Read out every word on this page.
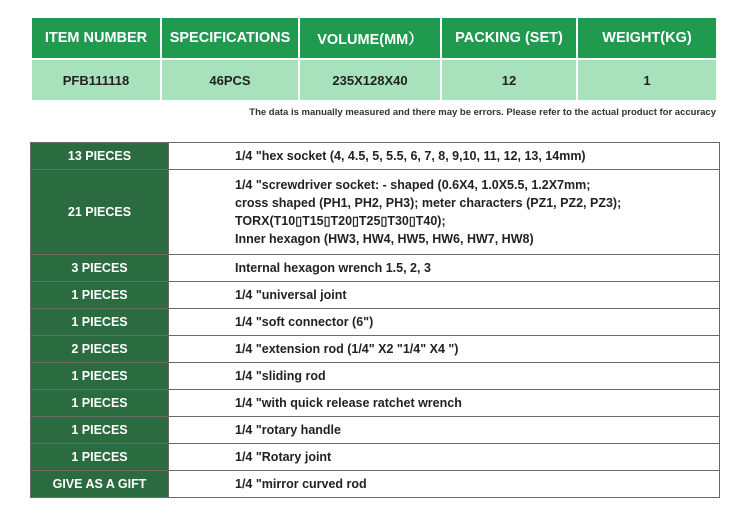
ITEM NUMBER	SPECIFICATIONS	VOLUME(MM）	PACKING (SET)	WEIGHT(KG)
PFB111118	46PCS	235X128X40	12	1
The data is manually measured and there may be errors. Please refer to the actual product for accuracy
13 PIECES	1/4 "hex socket (4, 4.5, 5, 5.5, 6, 7, 8, 9,10, 11, 12, 13, 14mm)

21 PIECES	1/4 "screwdriver socket: - shaped (0.6X4, 1.0X5.5, 1.2X7mm;
cross shaped (PH1, PH2, PH3); meter characters (PZ1, PZ2, PZ3);
TORX(T10▯T15▯T20▯T25▯T30▯T40);
Inner hexagon (HW3, HW4, HW5, HW6, HW7, HW8)

3 PIECES	Internal hexagon wrench 1.5, 2, 3

1 PIECES	1/4 "universal joint

1 PIECES	1/4 "soft connector (6")

2 PIECES	1/4 "extension rod (1/4" X2 "1/4" X4 ")

1 PIECES	1/4 "sliding rod

1 PIECES	1/4 "with quick release ratchet wrench

1 PIECES	1/4 "rotary handle

1 PIECES	1/4 "Rotary joint

GIVE AS A GIFT	1/4 "mirror curved rod
